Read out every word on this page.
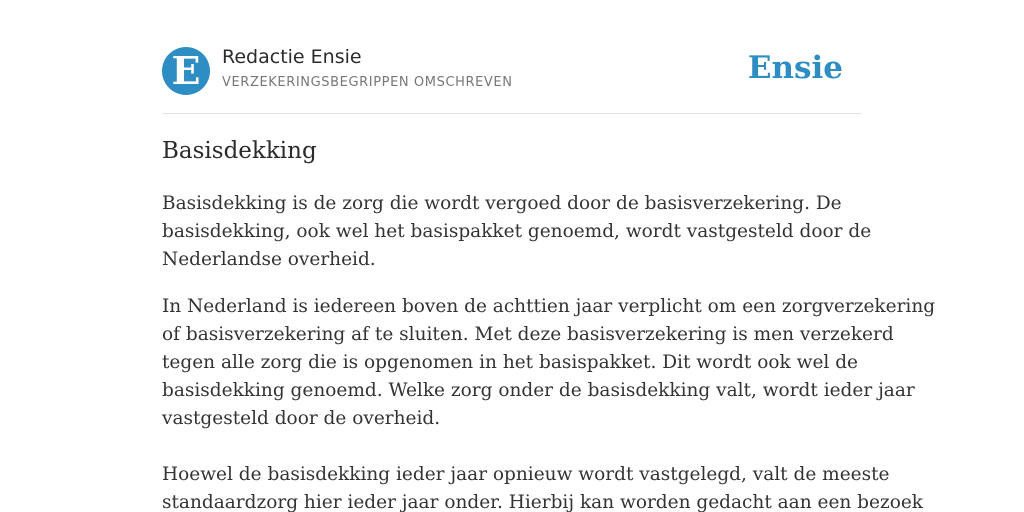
E	Redactie Ensie
VERZEKERINGSBEGRIPPEN OMSCHREVEN	Ensie
Basisdekking

Basisdekking is de zorg die wordt vergoed door de basisverzekering. De
basisdekking, ook wel het basispakket genoemd, wordt vastgesteld door de
Nederlandse overheid.

In Nederland is iedereen boven de achttien jaar verplicht om een zorgverzekering
of basisverzekering af te sluiten. Met deze basisverzekering is men verzekerd
tegen alle zorg die is opgenomen in het basispakket. Dit wordt ook wel de
basisdekking genoemd. Welke zorg onder de basisdekking valt, wordt ieder jaar
vastgesteld door de overheid.
Hoewel de basisdekking ieder jaar opnieuw wordt vastgelegd, valt de meeste
standaardzorg hier ieder jaar onder. Hierbij kan worden gedacht aan een bezoek
